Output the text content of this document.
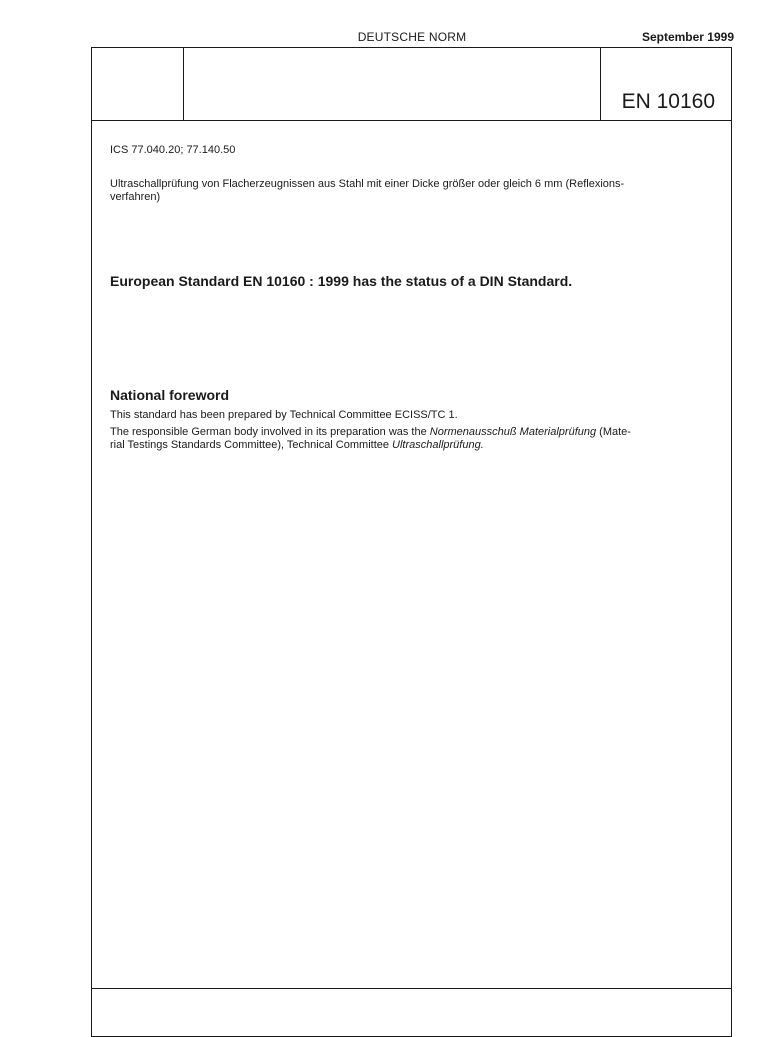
DEUTSCHE NORM	September 1999
EN 10160
ICS 77.040.20; 77.140.50
Ultraschallprüfung von Flacherzeugnissen aus Stahl mit einer Dicke größer oder gleich 6 mm (Reflexions-
verfahren)
European Standard EN 10160 : 1999 has the status of a DIN Standard.
National foreword
This standard has been prepared by Technical Committee ECISS/TC 1.
The responsible German body involved in its preparation was the Normenausschuß Materialprüfung (Mate-
rial Testings Standards Committee), Technical Committee Ultraschallprüfung.
